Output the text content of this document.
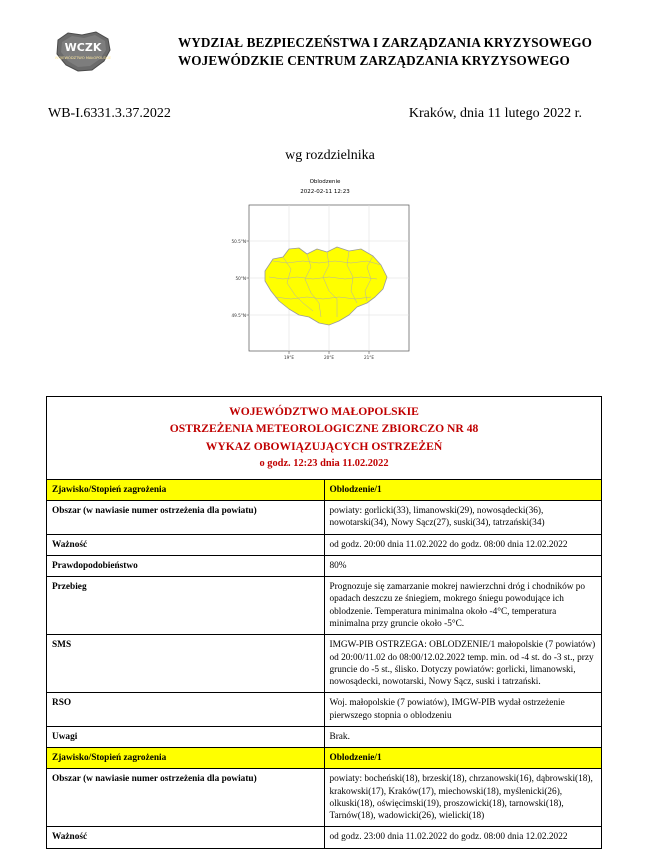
WCZK
WOJEWÓDZTWO MAŁOPOLSKIE
WYDZIAŁ BEZPIECZEŃSTWA I ZARZĄDZANIA KRYZYSOWEGO
WOJEWÓDZKIE CENTRUM ZARZĄDZANIA KRYZYSOWEGO
WB-I.6331.3.37.2022	Kraków, dnia 11 lutego 2022 r.
wg rozdzielnika
Oblodzenie
2022-02-11 12:23
19°E	20°E	21°E
50.5°N
50°N
49.5°N
WOJEWÓDZTWO MAŁOPOLSKIE
OSTRZEŻENIA METEOROLOGICZNE ZBIORCZO NR 48
WYKAZ OBOWIĄZUJĄCYCH OSTRZEŻEŃ
o godz. 12:23 dnia 11.02.2022	

Zjawisko/Stopień zagrożenia	Oblodzenie/1
Obszar (w nawiasie numer ostrzeżenia dla powiatu)	powiaty: gorlicki(33), limanowski(29), nowosądecki(36), nowotarski(34), Nowy Sącz(27), suski(34), tatrzański(34)
Ważność	od godz. 20:00 dnia 11.02.2022 do godz. 08:00 dnia 12.02.2022
Prawdopodobieństwo	80%
Przebieg	Prognozuje się zamarzanie mokrej nawierzchni dróg i chodników po opadach deszczu ze śniegiem, mokrego śniegu powodujące ich oblodzenie. Temperatura minimalna około -4°C, temperatura minimalna przy gruncie około -5°C.
SMS	IMGW-PIB OSTRZEGA: OBLODZENIE/1 małopolskie (7 powiatów) od 20:00/11.02 do 08:00/12.02.2022 temp. min. od -4 st. do -3 st., przy gruncie do -5 st., ślisko. Dotyczy powiatów: gorlicki, limanowski, nowosądecki, nowotarski, Nowy Sącz, suski i tatrzański.
RSO	Woj. małopolskie (7 powiatów), IMGW-PIB wydał ostrzeżenie pierwszego stopnia o oblodzeniu
Uwagi	Brak.
Zjawisko/Stopień zagrożenia	Oblodzenie/1
Obszar (w nawiasie numer ostrzeżenia dla powiatu)	powiaty: bocheński(18), brzeski(18), chrzanowski(16), dąbrowski(18), krakowski(17), Kraków(17), miechowski(18), myślenicki(26), olkuski(18), oświęcimski(19), proszowicki(18), tarnowski(18), Tarnów(18), wadowicki(26), wielicki(18)
Ważność	od godz. 23:00 dnia 11.02.2022 do godz. 08:00 dnia 12.02.2022
